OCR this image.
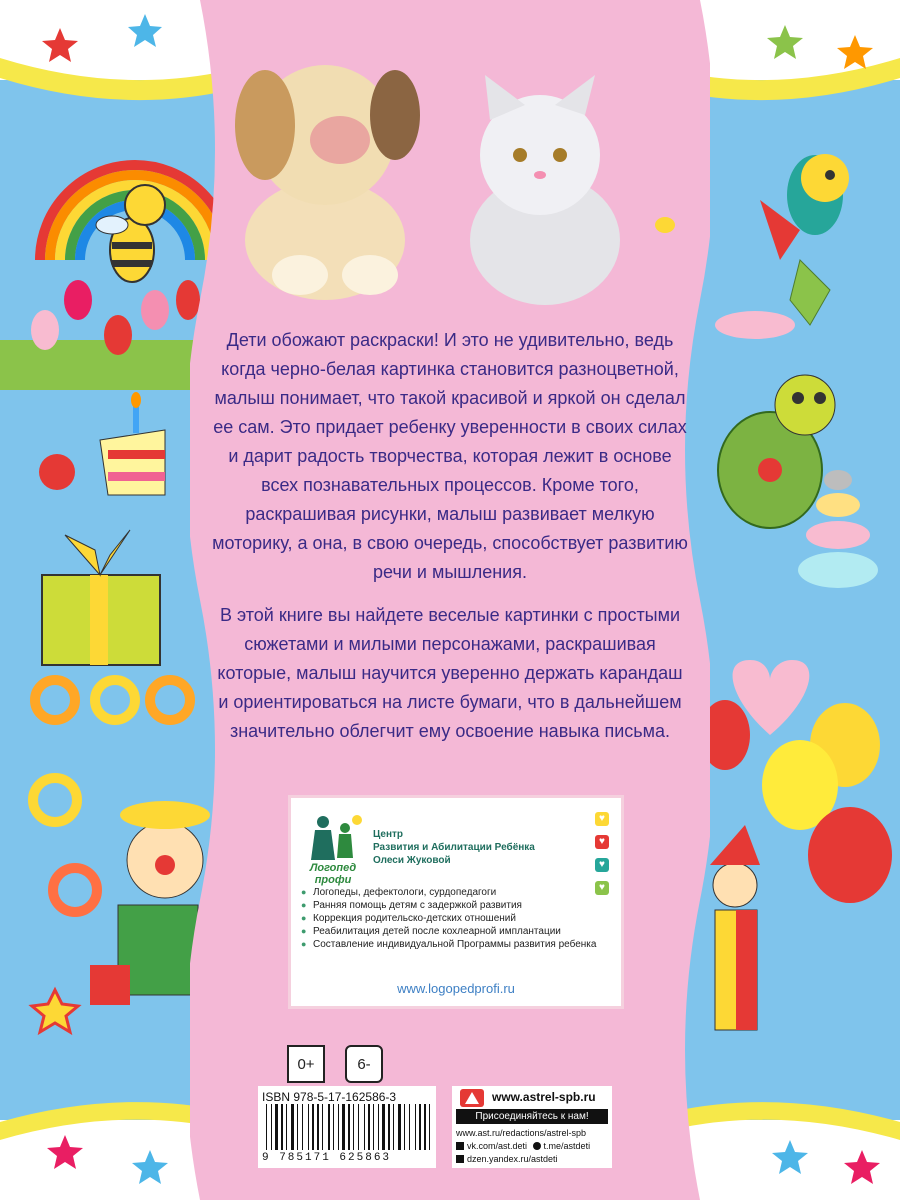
Дети обожают раскраски! И это не удивительно, ведь когда черно-белая картинка становится разноцветной, малыш понимает, что такой красивой и яркой он сделал ее сам. Это придает ребенку уверенности в своих силах и дарит радость творчества, которая лежит в основе всех познавательных процессов. Кроме того, раскрашивая рисунки, малыш развивает мелкую моторику, а она, в свою очередь, способствует развитию речи и мышления.

В этой книге вы найдете веселые картинки с простыми сюжетами и милыми персонажами, раскрашивая которые, малыш научится уверенно держать карандаш и ориентироваться на листе бумаги, что в дальнейшем значительно облегчит ему освоение навыка письма.

Логопед
профи
Центр
Развития и Абилитации Ребёнка
Олеси Жуковой
♥
♥
♥
♥
● Логопеды, дефектологи, сурдопедагоги
● Ранняя помощь детям с задержкой развития
● Коррекция родительско-детских отношений
● Реабилитация детей после кохлеарной имплантации
● Составление индивидуальной Программы развития ребенка
www.logopedprofi.ru
0+	6-
ISBN 978-5-17-162586-3
9 785171 625863
www.astrel-spb.ru
Присоединяйтесь к нам!
www.ast.ru/redactions/astrel-spb
vk.com/ast.deti t.me/astdeti
dzen.yandex.ru/astdeti
